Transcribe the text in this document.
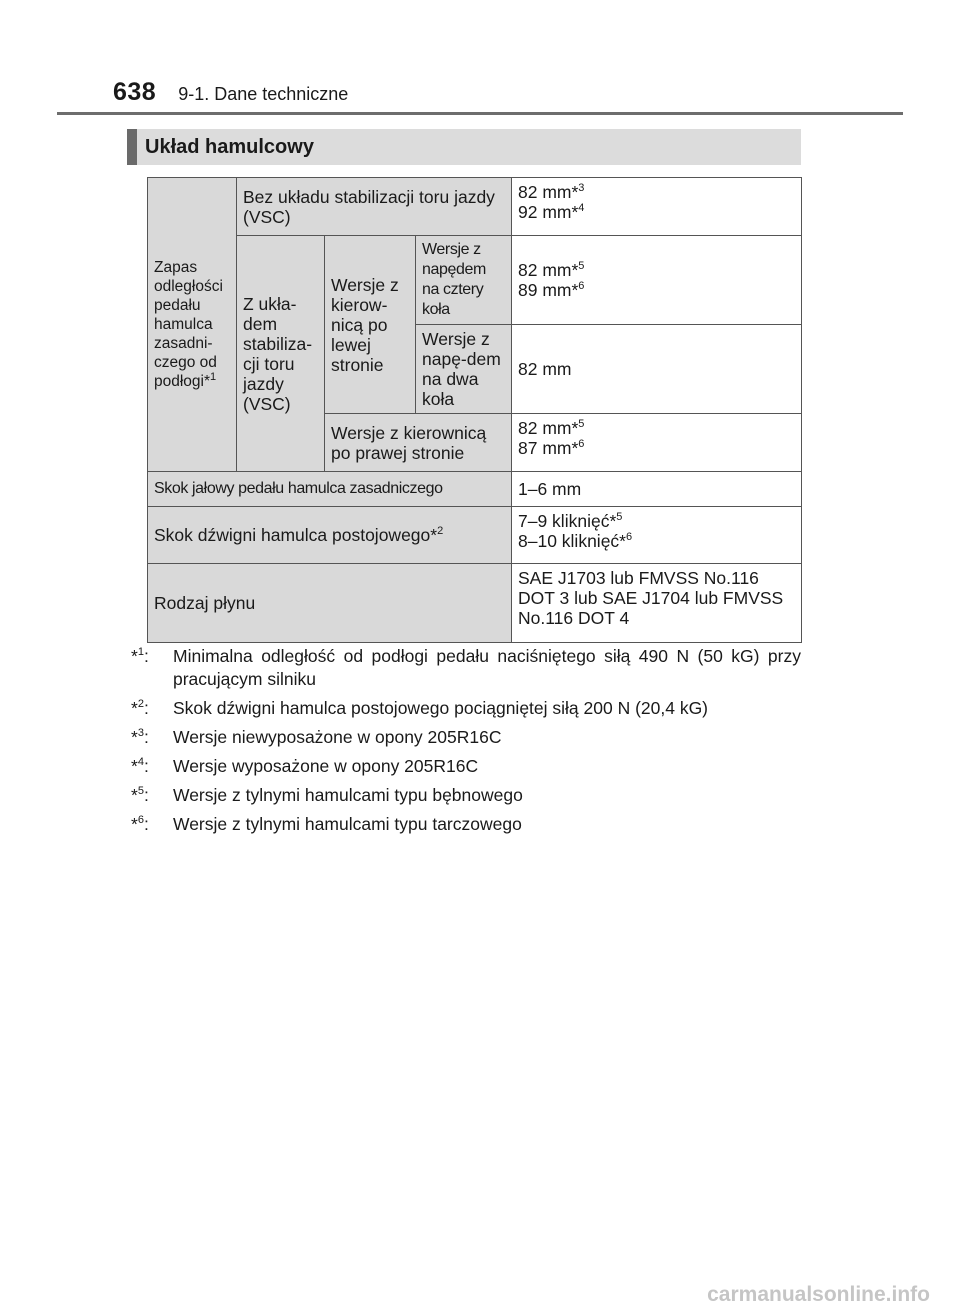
638 9-1. Dane techniczne
Układ hamulcowy
Zapas odległości pedału hamulca zasadni-czego od podłogi*$^1$	Bez układu stabilizacji toru jazdy (VSC)			82 mm*$^3$
92 mm*$^4$

	Z ukła-dem stabiliza-cji toru jazdy (VSC)	Wersje z kierow-nicą po lewej stronie	Wersje z napędem na cztery koła	82 mm*$^5$
89 mm*$^6$

			Wersje z napę-dem na dwa koła	82 mm
		Wersje z kierownicą po prawej stronie		82 mm*$^5$
87 mm*$^6$

Skok jałowy pedału hamulca zasadniczego				1–6 mm
Skok dźwigni hamulca postojowego*$^2$				7–9 kliknięć*$^5$
8–10 kliknięć*$^6$

Rodzaj płynu				SAE J1703 lub FMVSS No.116 DOT 3 lub SAE J1704 lub FMVSS No.116 DOT 4
*$^1$:	Minimalna odległość od podłogi pedału naciśniętego siłą 490 N (50 kG) przy pracującym silniku
*$^2$:	Skok dźwigni hamulca postojowego pociągniętej siłą 200 N (20,4 kG)
*$^3$:	Wersje niewyposażone w opony 205R16C
*$^4$:	Wersje wyposażone w opony 205R16C
*$^5$:	Wersje z tylnymi hamulcami typu bębnowego
*$^6$:	Wersje z tylnymi hamulcami typu tarczowego
carmanualsonline.info
